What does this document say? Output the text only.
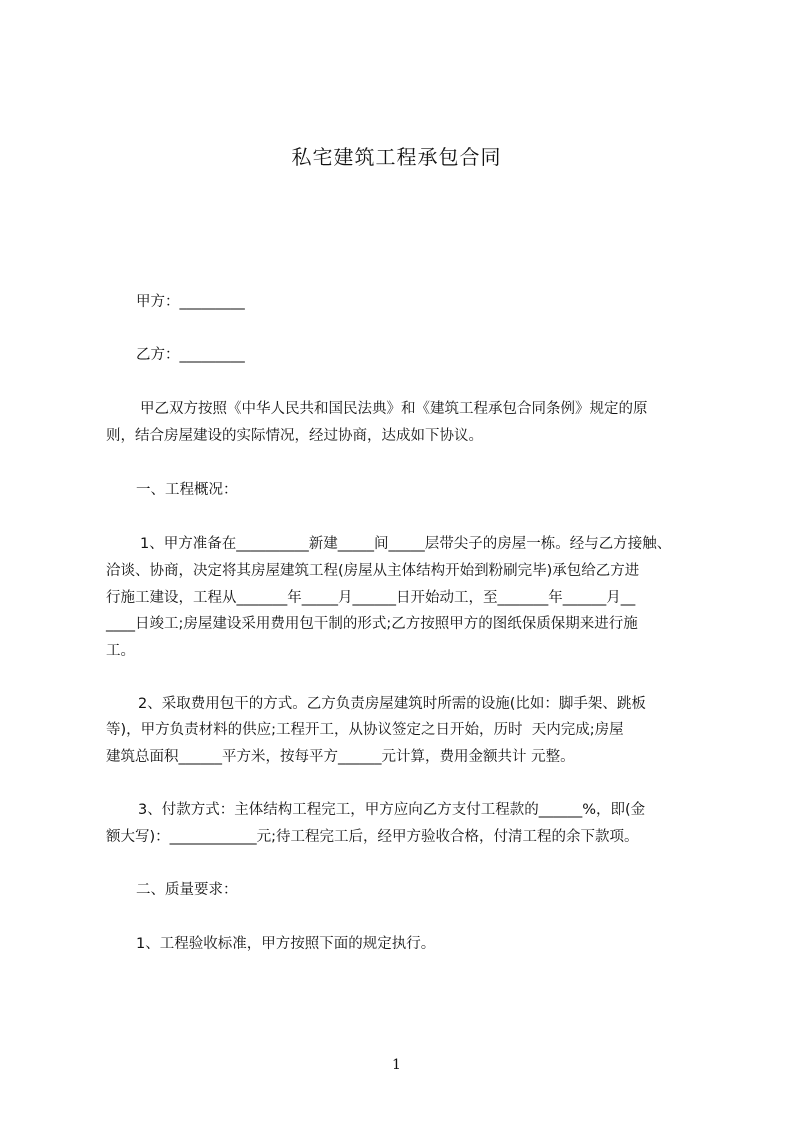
私宅建筑工程承包合同
甲方：_________
乙方：_________
甲乙双方按照《中华人民共和国民法典》和《建筑工程承包合同条例》规定的原
则，结合房屋建设的实际情况，经过协商，达成如下协议。
一、工程概况：
1、甲方准备在__________新建_____间_____层带尖子的房屋一栋。经与乙方接触、
洽谈、协商，决定将其房屋建筑工程(房屋从主体结构开始到粉刷完毕)承包给乙方进
行施工建设，工程从_______年_____月______日开始动工，至_______年______月__
____日竣工;房屋建设采用费用包干制的形式;乙方按照甲方的图纸保质保期来进行施
工。
2、采取费用包干的方式。乙方负责房屋建筑时所需的设施(比如：脚手架、跳板
等)，甲方负责材料的供应;工程开工，从协议签定之日开始，历时  天内完成;房屋
建筑总面积______平方米，按每平方______元计算，费用金额共计 元整。
3、付款方式：主体结构工程完工，甲方应向乙方支付工程款的______%，即(金
额大写)：____________元;待工程完工后，经甲方验收合格，付清工程的余下款项。
二、质量要求：
1、工程验收标准，甲方按照下面的规定执行。
1
